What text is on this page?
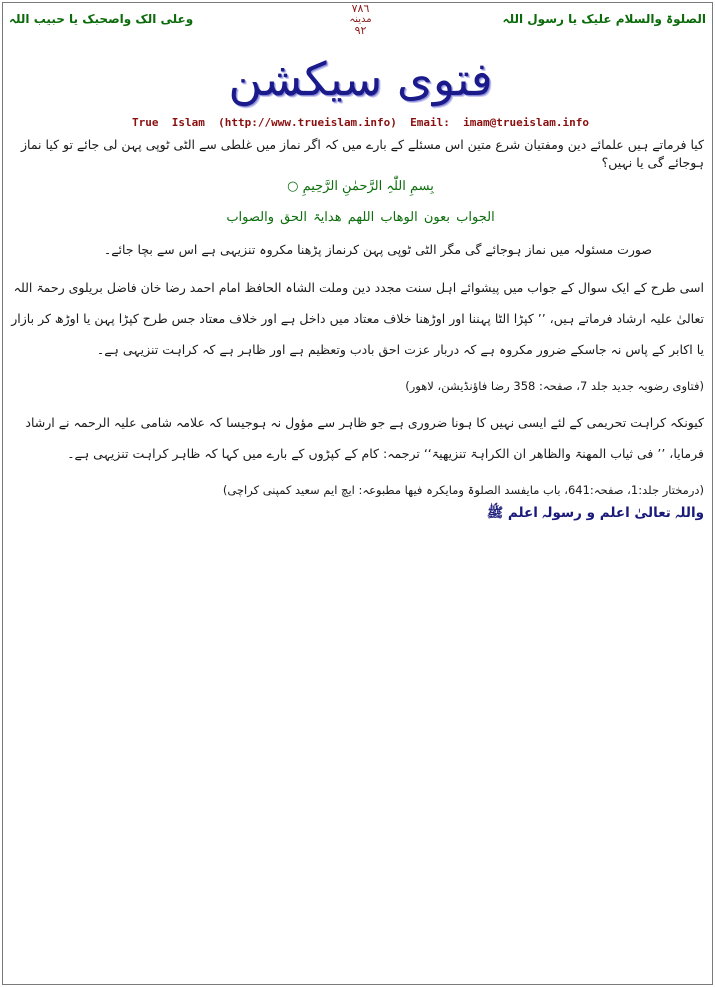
الصلوۃ والسلام علیک یا رسول اللہ
٧٨٦
مدینہ
٩٢
وعلی الک واصحبک یا حبیب اللہ
فتوی سیکشن
True  Islam  (http://www.trueislam.info)  Email:  imam@trueislam.info
کیا فرماتے ہیں علمائے دین ومفتیان شرع متین اس مسئلے کے بارے میں کہ اگر نماز میں غلطی سے الٹی ٹوپی پہن لی جائے تو کیا نماز ہوجائے گی یا نہیں؟
بِسمِ اللّٰہِ الرَّحمٰنِ الرَّحِیمِ ○
الجواب بعون الوھاب اللھم ھدایۃ الحق والصواب
صورت مسئولہ میں نماز ہوجائے گی مگر الٹی ٹوپی پہن کرنماز پڑھنا مکروہ تنزیہی ہے اس سے بچا جائے۔
اسی طرح کے ایک سوال کے جواب میں پیشوائے اہل سنت مجدد دین وملت الشاہ الحافظ امام احمد رضا خان فاضل بریلوی رحمۃ اللہ تعالیٰ علیہ ارشاد فرماتے ہیں، ’’ کپڑا الٹا پہننا اور اوڑھنا خلاف معتاد میں داخل ہے اور خلاف معتاد جس طرح کپڑا پہن یا اوڑھ کر بازار یا اکابر کے پاس نہ جاسکے ضرور مکروہ ہے کہ دربار عزت احق بادب وتعظیم ہے اور ظاہر ہے کہ کراہت تنزیہی ہے۔
(فتاوی رضویہ جدید جلد 7، صفحہ: 358 رضا فاؤنڈیشن، لاھور)
کیونکہ کراہت تحریمی کے لئے ایسی نہیں کا ہونا ضروری ہے جو ظاہر سے مؤول نہ ہوجیسا کہ علامہ شامی علیہ الرحمہ نے ارشاد فرمایا، ’’ فی ثیاب المھنۃ والظاھر ان الکراہۃ تنزیھیۃ‘‘ ترجمہ: کام کے کپڑوں کے بارے میں کہا کہ ظاہر کراہت تنزیہی ہے۔
(درمختار جلد:1، صفحہ:641، باب مایفسد الصلوۃ ومایکرہ فیھا مطبوعہ: ایچ ایم سعید کمپنی کراچی)
واللہ تعالیٰ اعلم و رسولہ اعلم ﷺ
